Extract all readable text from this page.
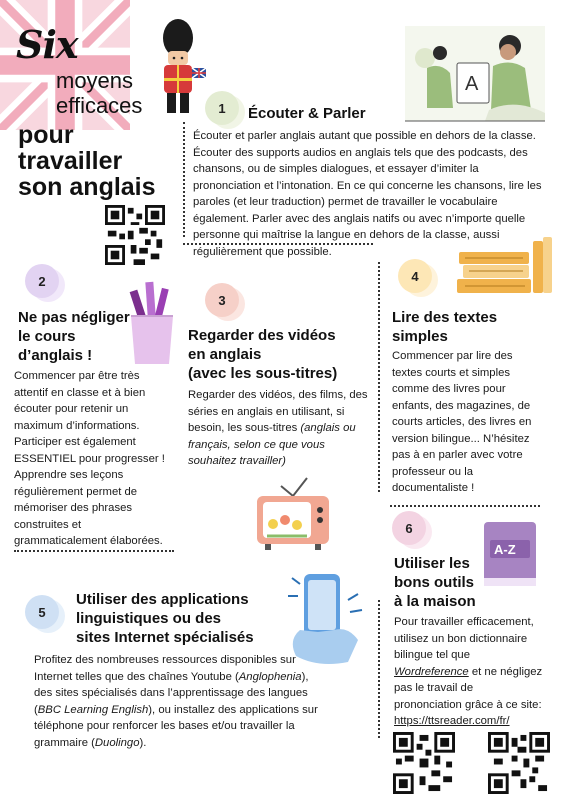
Six
moyens
efficaces
pour
travailler
son anglais
1	Écouter & Parler
Écouter et parler anglais autant que possible en dehors de la classe. Écouter des supports audios en anglais tels que des podcasts, des chansons, ou de simples dialogues, et essayer d’imiter la prononciation et l’intonation. En ce qui concerne les chansons, lire les paroles (et leur traduction) permet de travailler le vocabulaire également. Parler avec des anglais natifs ou avec n’importe quelle personne qui maîtrise la langue en dehors de la classe, aussi régulièrement que possible.
A
2
Ne pas négliger
le cours
d’anglais !
Commencer par être très attentif en classe et à bien écouter pour retenir un maximum d’informations. Participer est également ESSENTIEL pour progresser ! Apprendre ses leçons régulièrement permet de mémoriser des phrases construites et grammaticalement élaborées.
3
Regarder des vidéos
en anglais
(avec les sous-titres)
Regarder des vidéos, des films, des séries en anglais en utilisant, si besoin, les sous-titres (anglais ou français, selon ce que vous souhaitez travailler)
4
Lire des textes
simples
Commencer par lire des textes courts et simples comme des livres pour enfants, des magazines, de courts articles, des livres en version bilingue... N’hésitez pas à en parler avec votre professeur ou la documentaliste !
6
A-Z
Utiliser les
bons outils
à la maison
Pour travailler efficacement, utilisez un bon dictionnaire bilingue tel que Wordreference et ne négligez pas le travail de prononciation grâce à ce site: https://ttsreader.com/fr/
5
Utiliser des applications
linguistiques ou des
sites Internet spécialisés
Profitez des nombreuses ressources disponibles sur Internet telles que des chaînes Youtube (Anglophenia), des sites spécialisés dans l’apprentissage des langues (BBC Learning English), ou installez des applications sur téléphone pour renforcer les bases et/ou travailler la grammaire (Duolingo).
